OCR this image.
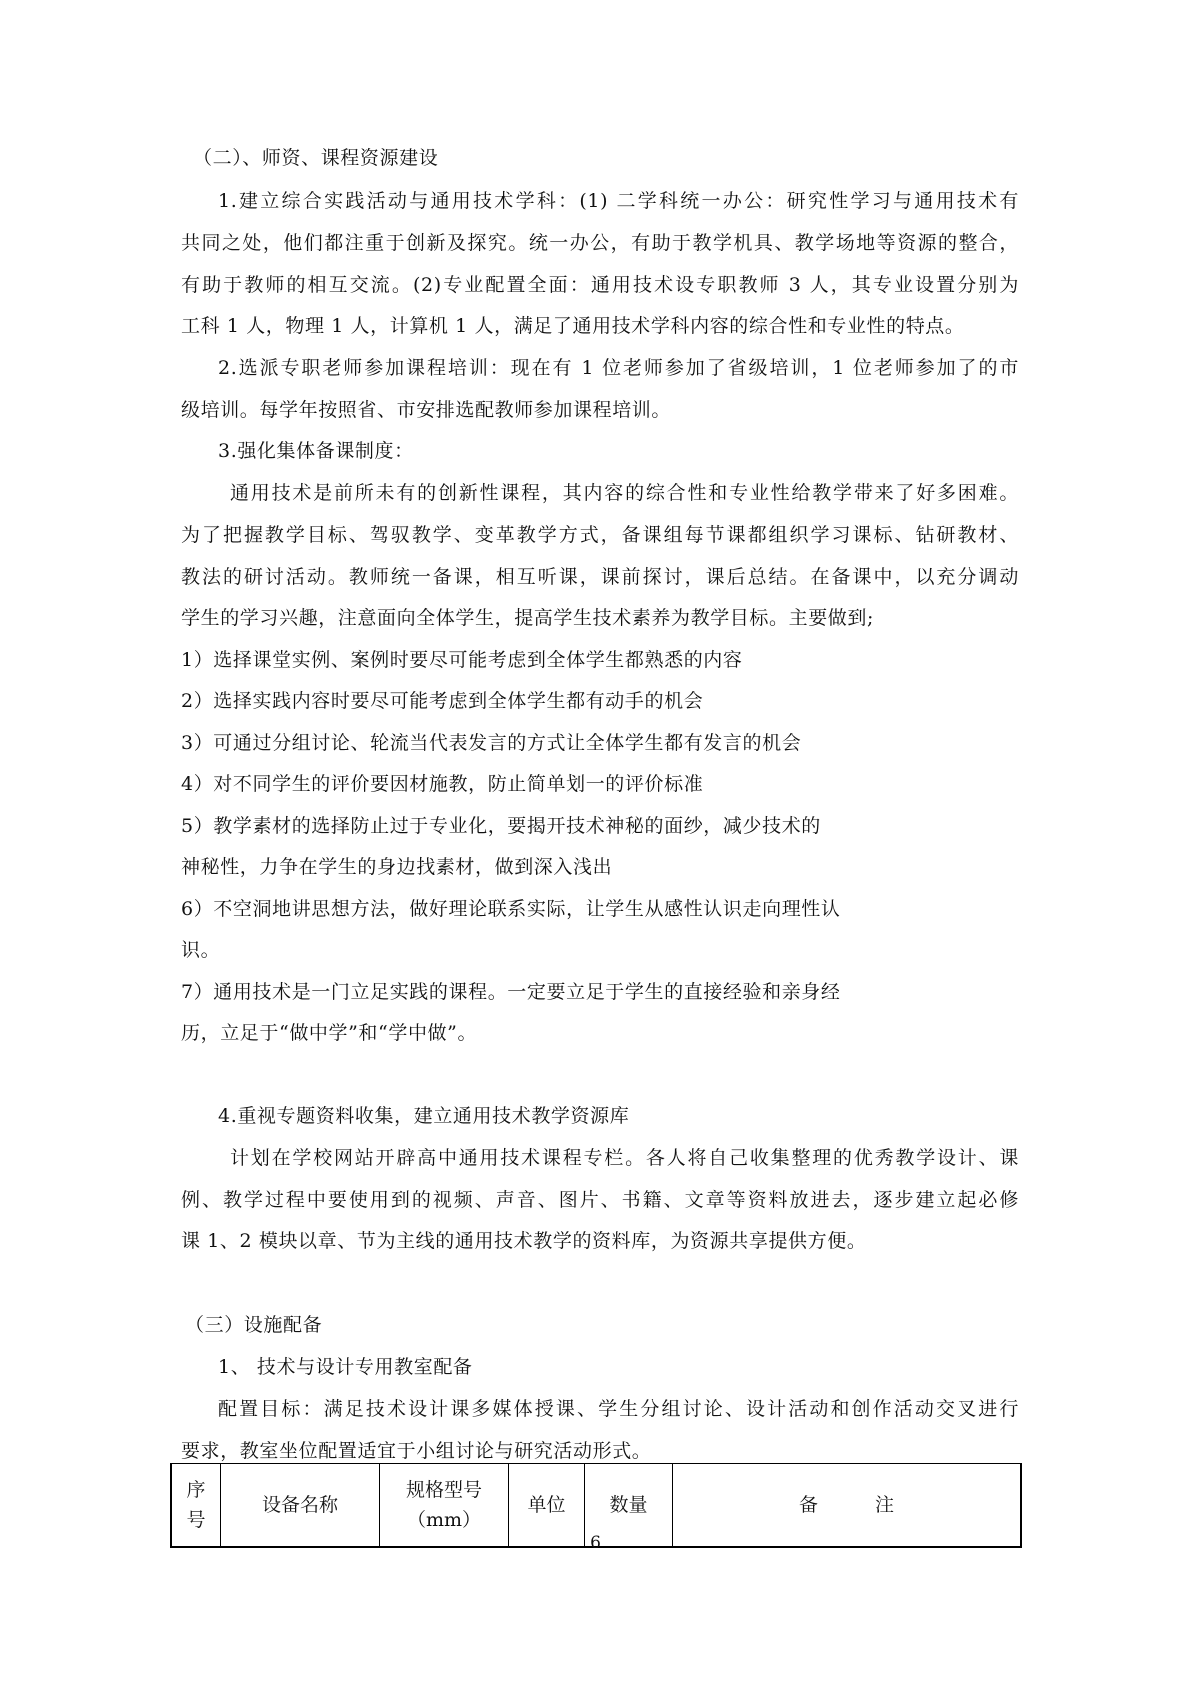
（二）、师资、课程资源建设
1.建立综合实践活动与通用技术学科：(1) 二学科统一办公：研究性学习与通用技术有
共同之处，他们都注重于创新及探究。统一办公，有助于教学机具、教学场地等资源的整合，
有助于教师的相互交流。(2)专业配置全面：通用技术设专职教师 3 人，其专业设置分别为
工科 1 人，物理 1 人，计算机 1 人，满足了通用技术学科内容的综合性和专业性的特点。
2.选派专职老师参加课程培训：现在有 1 位老师参加了省级培训，1 位老师参加了的市
级培训。每学年按照省、市安排选配教师参加课程培训。
3.强化集体备课制度：
通用技术是前所未有的创新性课程，其内容的综合性和专业性给教学带来了好多困难。
为了把握教学目标、驾驭教学、变革教学方式，备课组每节课都组织学习课标、钻研教材、
教法的研讨活动。教师统一备课，相互听课，课前探讨，课后总结。在备课中，以充分调动
学生的学习兴趣，注意面向全体学生，提高学生技术素养为教学目标。主要做到;
1）选择课堂实例、案例时要尽可能考虑到全体学生都熟悉的内容
2）选择实践内容时要尽可能考虑到全体学生都有动手的机会
3）可通过分组讨论、轮流当代表发言的方式让全体学生都有发言的机会
4）对不同学生的评价要因材施教，防止简单划一的评价标准
5）教学素材的选择防止过于专业化，要揭开技术神秘的面纱，减少技术的
神秘性，力争在学生的身边找素材，做到深入浅出
6）不空洞地讲思想方法，做好理论联系实际，让学生从感性认识走向理性认
识。
7）通用技术是一门立足实践的课程。一定要立足于学生的直接经验和亲身经
历，立足于“做中学”和“学中做”。
4.重视专题资料收集，建立通用技术教学资源库
计划在学校网站开辟高中通用技术课程专栏。各人将自己收集整理的优秀教学设计、课
例、教学过程中要使用到的视频、声音、图片、书籍、文章等资料放进去，逐步建立起必修
课 1、2 模块以章、节为主线的通用技术教学的资料库，为资源共享提供方便。
（三）设施配备
1、 技术与设计专用教室配备
配置目标：满足技术设计课多媒体授课、学生分组讨论、设计活动和创作活动交叉进行
要求，教室坐位配置适宜于小组讨论与研究活动形式。
序
号
	设备名称	
规格型号
（mm）
	单位	数量	备　　　注
6
